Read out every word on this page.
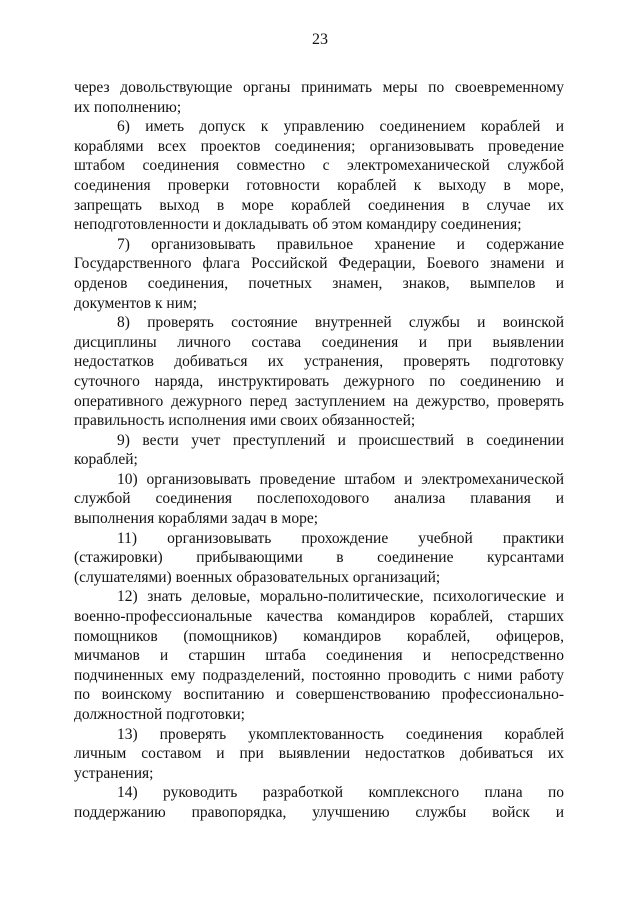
23
через довольствующие органы принимать меры по своевременному
их пополнению;
6) иметь допуск к управлению соединением кораблей и
кораблями всех проектов соединения; организовывать проведение
штабом соединения совместно с электромеханической службой
соединения проверки готовности кораблей к выходу в море,
запрещать выход в море кораблей соединения в случае их
неподготовленности и докладывать об этом командиру соединения;
7) организовывать правильное хранение и содержание
Государственного флага Российской Федерации, Боевого знамени и
орденов соединения, почетных знамен, знаков, вымпелов и
документов к ним;
8) проверять состояние внутренней службы и воинской
дисциплины личного состава соединения и при выявлении
недостатков добиваться их устранения, проверять подготовку
суточного наряда, инструктировать дежурного по соединению и
оперативного дежурного перед заступлением на дежурство, проверять
правильность исполнения ими своих обязанностей;
9) вести учет преступлений и происшествий в соединении
кораблей;
10) организовывать проведение штабом и электромеханической
службой соединения послепоходового анализа плавания и
выполнения кораблями задач в море;
11) организовывать прохождение учебной практики
(стажировки) прибывающими в соединение курсантами
(слушателями) военных образовательных организаций;
12) знать деловые, морально-политические, психологические и
военно-профессиональные качества командиров кораблей, старших
помощников (помощников) командиров кораблей, офицеров,
мичманов и старшин штаба соединения и непосредственно
подчиненных ему подразделений, постоянно проводить с ними работу
по воинскому воспитанию и совершенствованию профессионально-
должностной подготовки;
13) проверять укомплектованность соединения кораблей
личным составом и при выявлении недостатков добиваться их
устранения;
14) руководить разработкой комплексного плана по
поддержанию правопорядка, улучшению службы войск и
